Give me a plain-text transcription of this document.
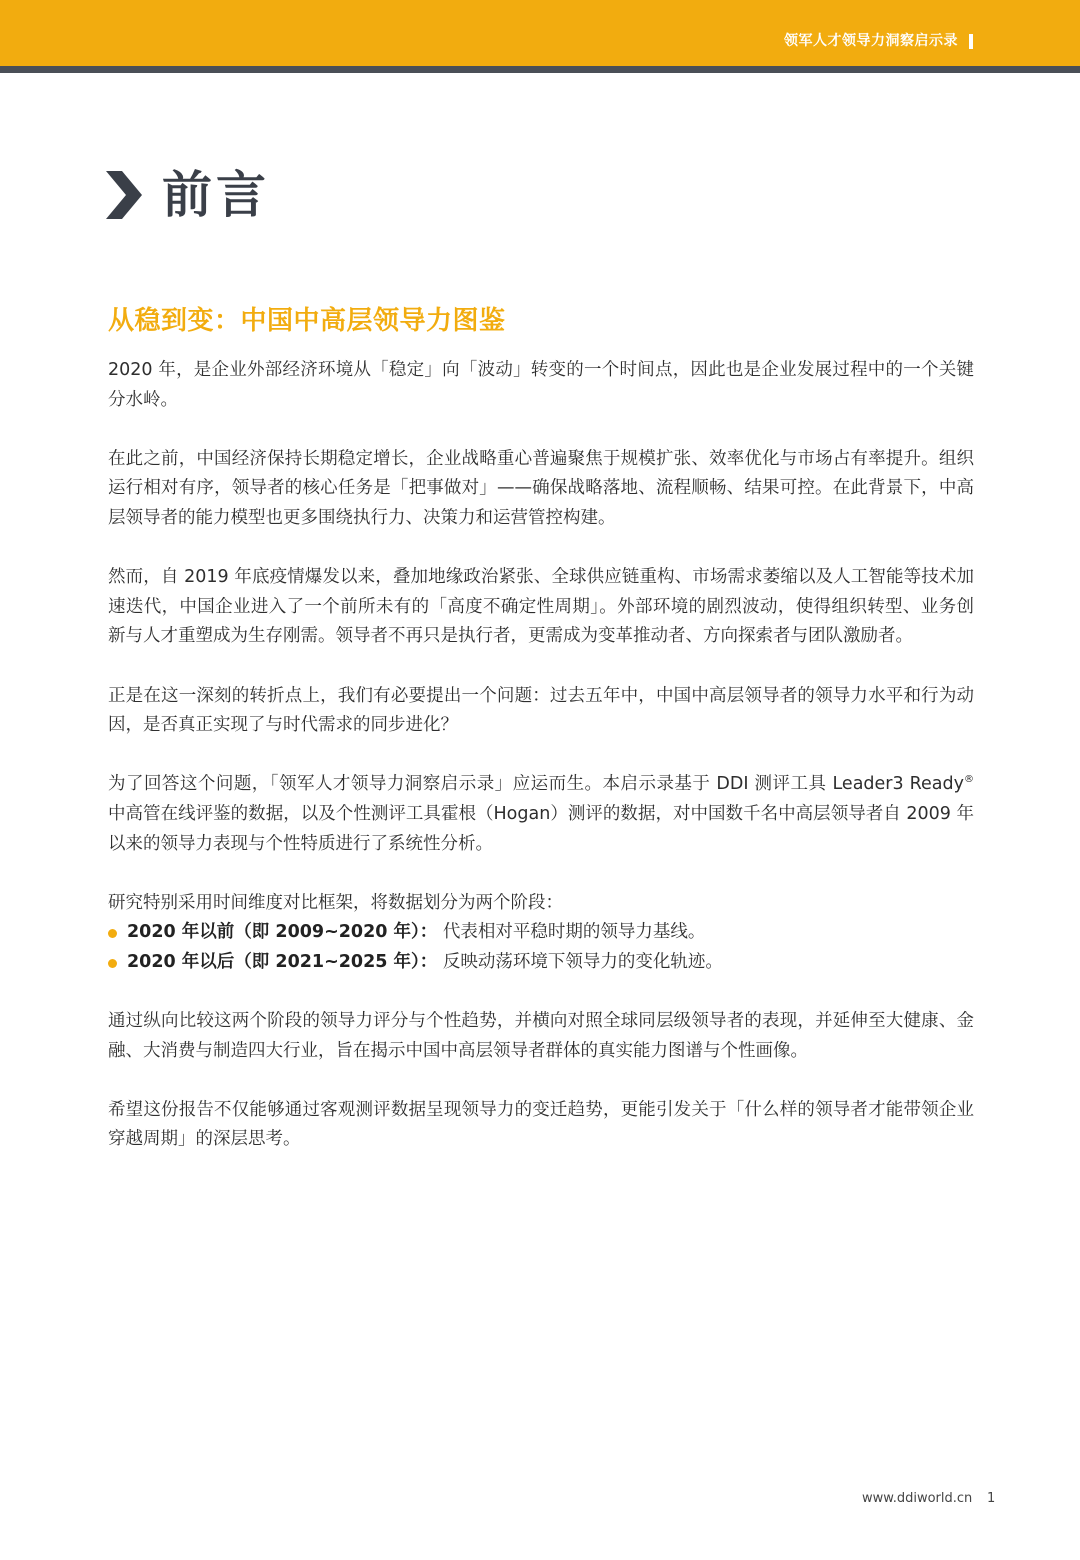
领军人才领导力洞察启示录
前言
从稳到变：中国中高层领导力图鉴

2020 年，是企业外部经济环境从「稳定」向「波动」转变的一个时间点，因此也是企业发展过程中的一个关键分水岭。

在此之前，中国经济保持长期稳定增长，企业战略重心普遍聚焦于规模扩张、效率优化与市场占有率提升。组织运行相对有序，领导者的核心任务是「把事做对」——确保战略落地、流程顺畅、结果可控。在此背景下，中高层领导者的能力模型也更多围绕执行力、决策力和运营管控构建。

然而，自 2019 年底疫情爆发以来，叠加地缘政治紧张、全球供应链重构、市场需求萎缩以及人工智能等技术加速迭代，中国企业进入了一个前所未有的「高度不确定性周期」。外部环境的剧烈波动，使得组织转型、业务创新与人才重塑成为生存刚需。领导者不再只是执行者，更需成为变革推动者、方向探索者与团队激励者。

正是在这一深刻的转折点上，我们有必要提出一个问题：过去五年中，中国中高层领导者的领导力水平和行为动因，是否真正实现了与时代需求的同步进化？

为了回答这个问题，「领军人才领导力洞察启示录」应运而生。本启示录基于 DDI 测评工具 Leader3 Ready® 中高管在线评鉴的数据，以及个性测评工具霍根（Hogan）测评的数据，对中国数千名中高层领导者自 2009 年以来的领导力表现与个性特质进行了系统性分析。

研究特别采用时间维度对比框架，将数据划分为两个阶段：

2020 年以前（即 2009~2020 年）： 代表相对平稳时期的领导力基线。
2020 年以后（即 2021~2025 年）： 反映动荡环境下领导力的变化轨迹。

通过纵向比较这两个阶段的领导力评分与个性趋势，并横向对照全球同层级领导者的表现，并延伸至大健康、金融、大消费与制造四大行业，旨在揭示中国中高层领导者群体的真实能力图谱与个性画像。

希望这份报告不仅能够通过客观测评数据呈现领导力的变迁趋势，更能引发关于「什么样的领导者才能带领企业穿越周期」的深层思考。

www.ddiworld.cn 1
